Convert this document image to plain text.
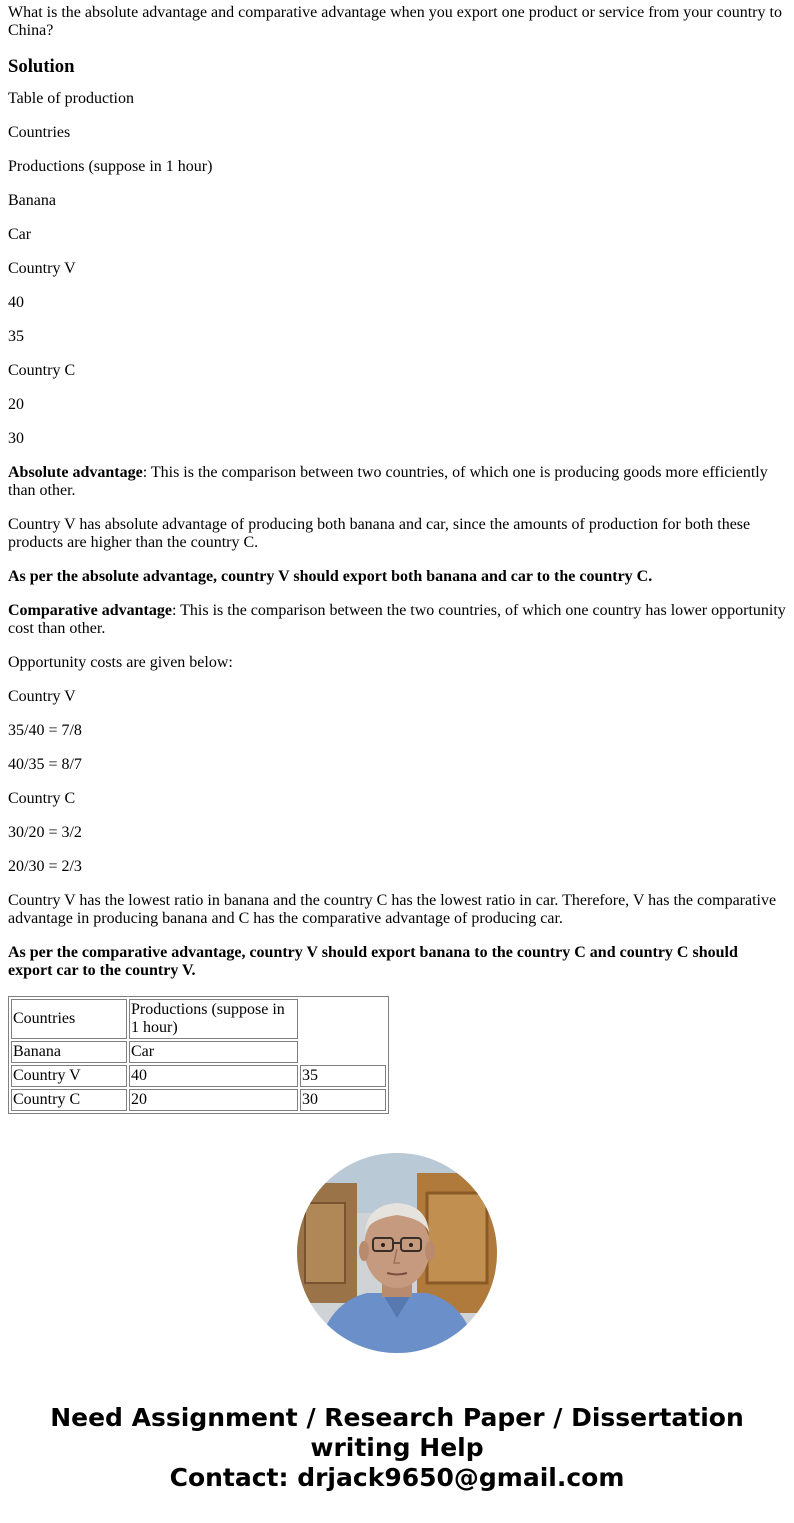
What is the absolute advantage and comparative advantage when you export one product or service from your country to China?

Solution

Table of production

Countries

Productions (suppose in 1 hour)

Banana

Car

Country V

40

35

Country C

20

30

Absolute advantage: This is the comparison between two countries, of which one is producing goods more efficiently than other.

Country V has absolute advantage of producing both banana and car, since the amounts of production for both these products are higher than the country C.

As per the absolute advantage, country V should export both banana and car to the country C.

Comparative advantage: This is the comparison between the two countries, of which one country has lower opportunity cost than other.

Opportunity costs are given below:

Country V

35/40 = 7/8

40/35 = 8/7

Country C

30/20 = 3/2

20/30 = 2/3

Country V has the lowest ratio in banana and the country C has the lowest ratio in car. Therefore, V has the comparative advantage in producing banana and C has the comparative advantage of producing car.

As per the comparative advantage, country V should export banana to the country C and country C should export car to the country V.

Countries	Productions (suppose in 1 hour)	
Banana	Car	
Country V	40	35
Country C	20	30
Need Assignment / Research Paper / Dissertation
writing Help
Contact: drjack9650@gmail.com
